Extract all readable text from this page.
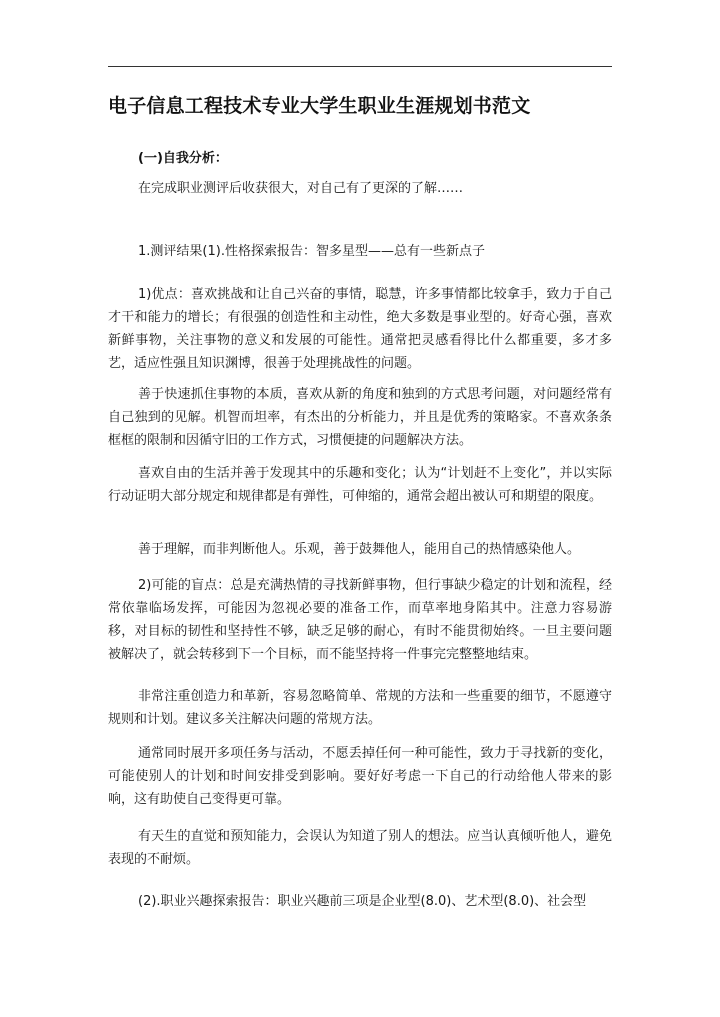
电子信息工程技术专业大学生职业生涯规划书范文
(一)自我分析：

在完成职业测评后收获很大，对自己有了更深的了解……

1.测评结果(1).性格探索报告：智多星型——总有一些新点子

1)优点：喜欢挑战和让自己兴奋的事情，聪慧，许多事情都比较拿手，致力于自己才干和能力的增长；有很强的创造性和主动性，绝大多数是事业型的。好奇心强，喜欢新鲜事物，关注事物的意义和发展的可能性。通常把灵感看得比什么都重要，多才多艺，适应性强且知识渊博，很善于处理挑战性的问题。

善于快速抓住事物的本质，喜欢从新的角度和独到的方式思考问题，对问题经常有自己独到的见解。机智而坦率，有杰出的分析能力，并且是优秀的策略家。不喜欢条条框框的限制和因循守旧的工作方式，习惯便捷的问题解决方法。

喜欢自由的生活并善于发现其中的乐趣和变化；认为“计划赶不上变化”，并以实际行动证明大部分规定和规律都是有弹性，可伸缩的，通常会超出被认可和期望的限度。

善于理解，而非判断他人。乐观，善于鼓舞他人，能用自己的热情感染他人。

2)可能的盲点：总是充满热情的寻找新鲜事物，但行事缺少稳定的计划和流程，经常依靠临场发挥，可能因为忽视必要的准备工作，而草率地身陷其中。注意力容易游移，对目标的韧性和坚持性不够，缺乏足够的耐心，有时不能贯彻始终。一旦主要问题被解决了，就会转移到下一个目标，而不能坚持将一件事完完整整地结束。

非常注重创造力和革新，容易忽略简单、常规的方法和一些重要的细节，不愿遵守规则和计划。建议多关注解决问题的常规方法。

通常同时展开多项任务与活动，不愿丢掉任何一种可能性，致力于寻找新的变化，可能使别人的计划和时间安排受到影响。要好好考虑一下自己的行动给他人带来的影响，这有助使自己变得更可靠。

有天生的直觉和预知能力，会误认为知道了别人的想法。应当认真倾听他人，避免表现的不耐烦。

(2).职业兴趣探索报告：职业兴趣前三项是企业型(8.0)、艺术型(8.0)、社会型
